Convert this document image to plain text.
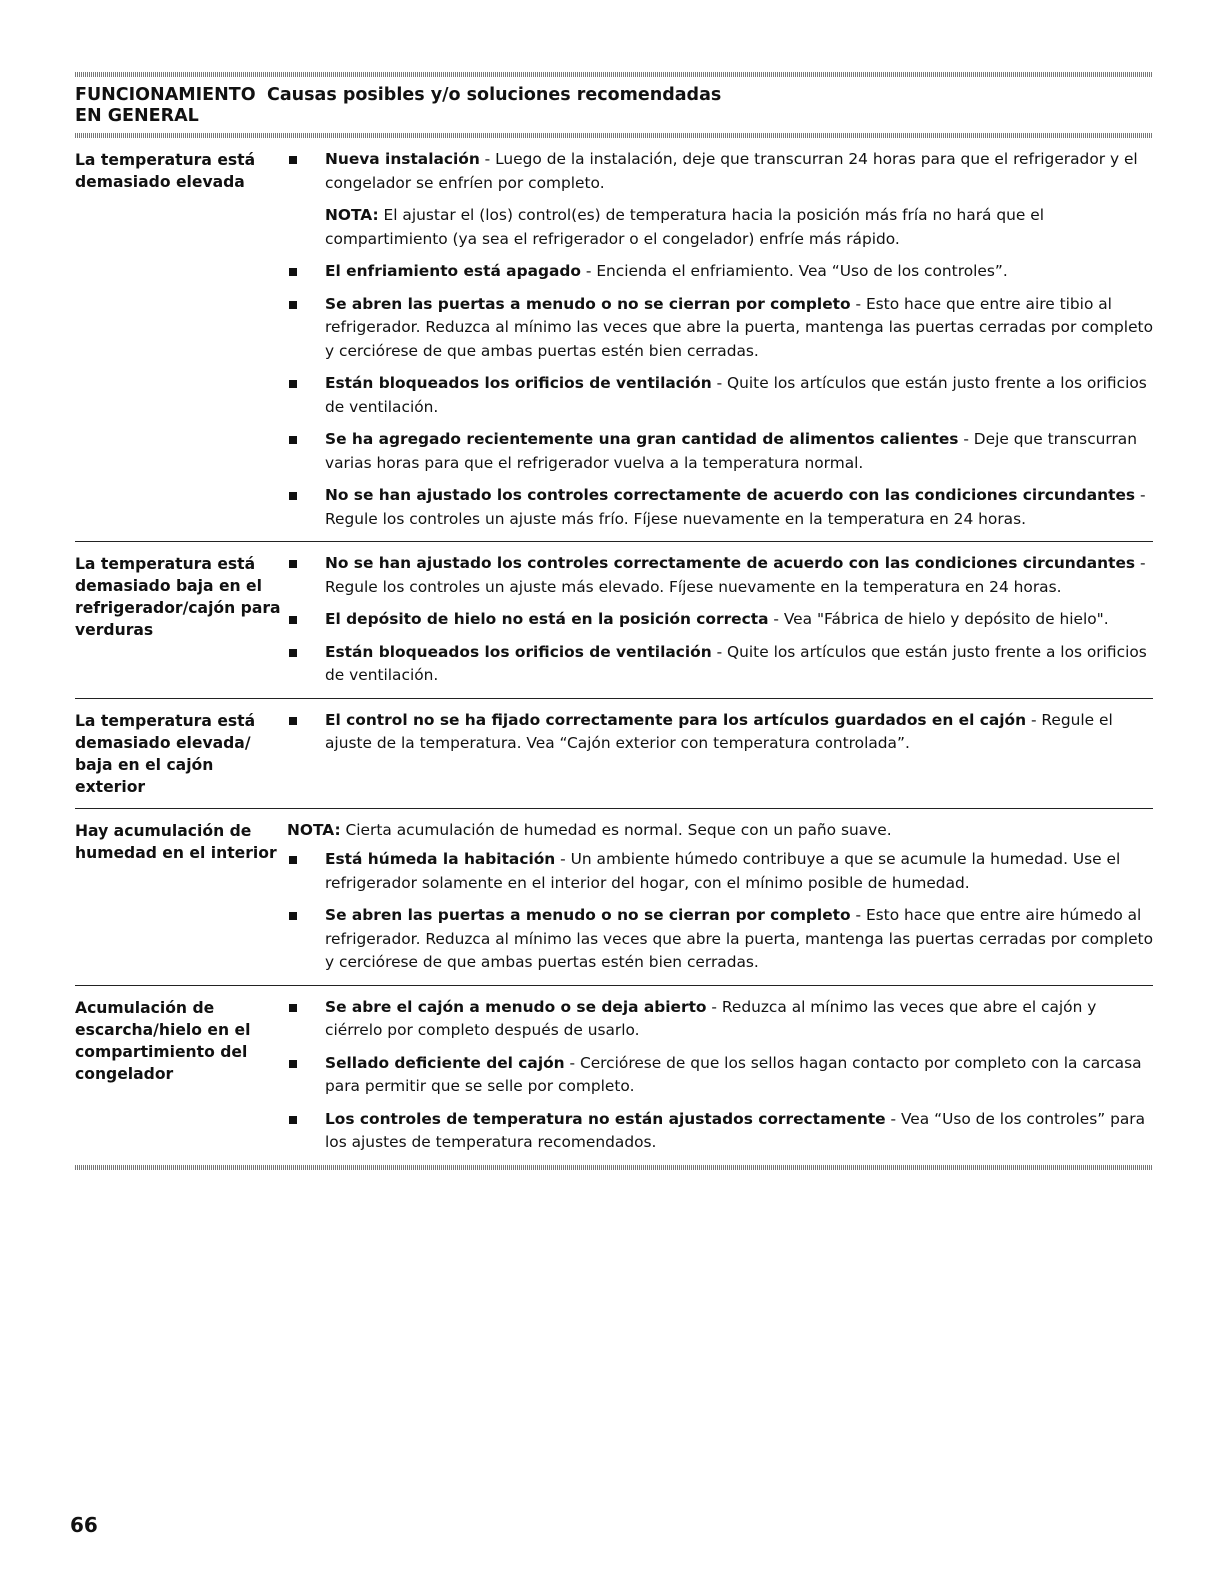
FUNCIONAMIENTO EN GENERAL
Causas posibles y/o soluciones recomendadas
La temperatura está demasiado elevada
Nueva instalación - Luego de la instalación, deje que transcurran 24 horas para que el refrigerador y el congelador se enfríen por completo.
NOTA: El ajustar el (los) control(es) de temperatura hacia la posición más fría no hará que el compartimiento (ya sea el refrigerador o el congelador) enfríe más rápido.
El enfriamiento está apagado - Encienda el enfriamiento. Vea “Uso de los controles”.
Se abren las puertas a menudo o no se cierran por completo - Esto hace que entre aire tibio al refrigerador. Reduzca al mínimo las veces que abre la puerta, mantenga las puertas cerradas por completo y cerciórese de que ambas puertas estén bien cerradas.
Están bloqueados los orificios de ventilación - Quite los artículos que están justo frente a los orificios de ventilación.
Se ha agregado recientemente una gran cantidad de alimentos calientes - Deje que transcurran varias horas para que el refrigerador vuelva a la temperatura normal.
No se han ajustado los controles correctamente de acuerdo con las condiciones circundantes - Regule los controles un ajuste más frío. Fíjese nuevamente en la temperatura en 24 horas.
La temperatura está demasiado baja en el refrigerador/cajón para verduras
No se han ajustado los controles correctamente de acuerdo con las condiciones circundantes - Regule los controles un ajuste más elevado. Fíjese nuevamente en la temperatura en 24 horas.
El depósito de hielo no está en la posición correcta - Vea "Fábrica de hielo y depósito de hielo".
Están bloqueados los orificios de ventilación - Quite los artículos que están justo frente a los orificios de ventilación.
La temperatura está demasiado elevada/ baja en el cajón exterior
El control no se ha fijado correctamente para los artículos guardados en el cajón - Regule el ajuste de la temperatura. Vea “Cajón exterior con temperatura controlada”.
Hay acumulación de humedad en el interior
NOTA: Cierta acumulación de humedad es normal. Seque con un paño suave.
Está húmeda la habitación - Un ambiente húmedo contribuye a que se acumule la humedad. Use el refrigerador solamente en el interior del hogar, con el mínimo posible de humedad.
Se abren las puertas a menudo o no se cierran por completo - Esto hace que entre aire húmedo al refrigerador. Reduzca al mínimo las veces que abre la puerta, mantenga las puertas cerradas por completo y cerciórese de que ambas puertas estén bien cerradas.
Acumulación de escarcha/hielo en el compartimiento del congelador
Se abre el cajón a menudo o se deja abierto - Reduzca al mínimo las veces que abre el cajón y ciérrelo por completo después de usarlo.
Sellado deficiente del cajón - Cerciórese de que los sellos hagan contacto por completo con la carcasa para permitir que se selle por completo.
Los controles de temperatura no están ajustados correctamente - Vea “Uso de los controles” para los ajustes de temperatura recomendados.
66
